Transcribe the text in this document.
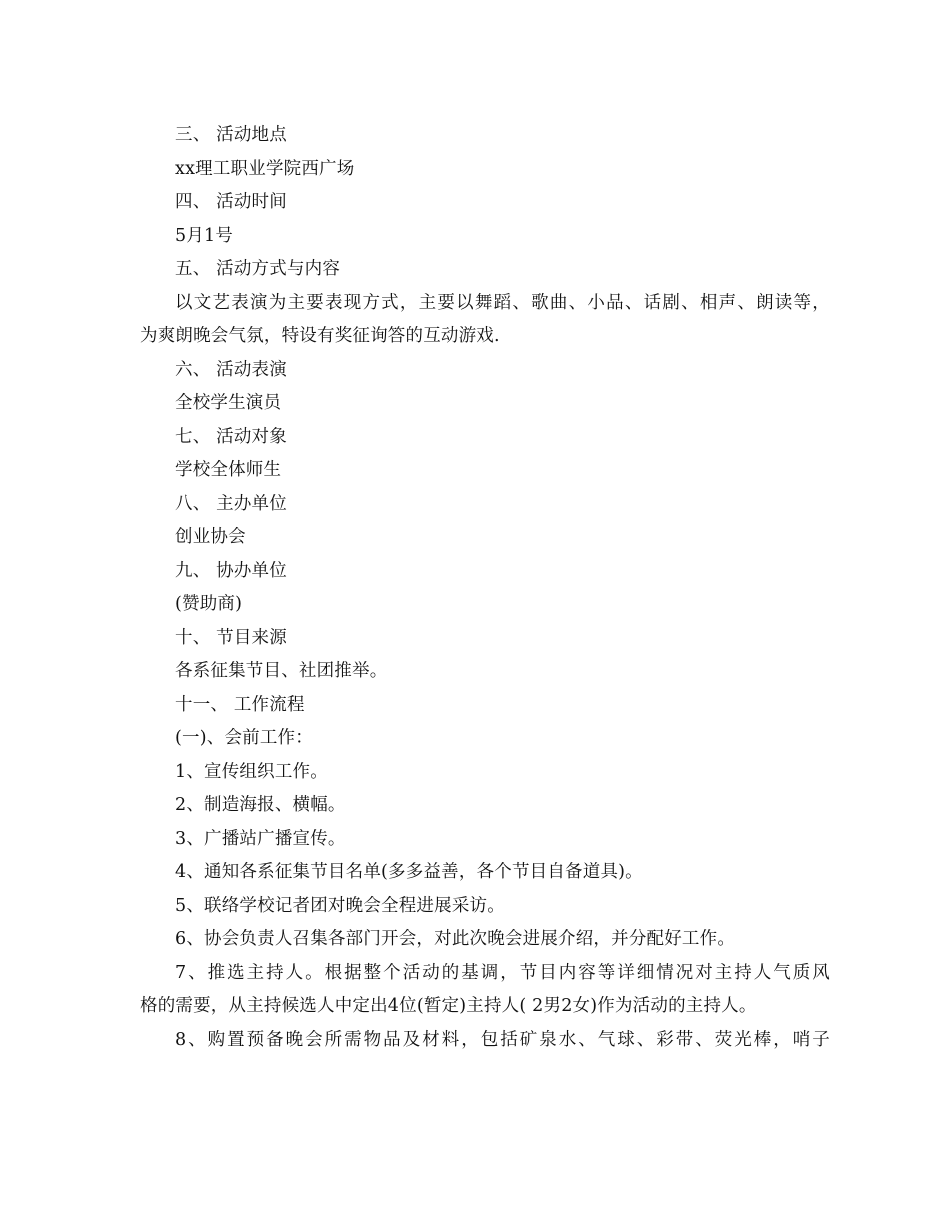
三、 活动地点
xx理工职业学院西广场
四、 活动时间
5月1号
五、 活动方式与内容
以文艺表演为主要表现方式，主要以舞蹈、歌曲、小品、话剧、相声、朗读等，
为爽朗晚会气氛，特设有奖征询答的互动游戏.
六、 活动表演
全校学生演员
七、 活动对象
学校全体师生
八、 主办单位
创业协会
九、 协办单位
(赞助商)
十、 节目来源
各系征集节目、社团推举。
十一、 工作流程
(一)、会前工作：
1、宣传组织工作。
2、制造海报、横幅。
3、广播站广播宣传。
4、通知各系征集节目名单(多多益善，各个节目自备道具)。
5、联络学校记者团对晚会全程进展采访。
6、协会负责人召集各部门开会，对此次晚会进展介绍，并分配好工作。
7、推选主持人。根据整个活动的基调，节目内容等详细情况对主持人气质风
格的需要，从主持候选人中定出4位(暂定)主持人( 2男2女)作为活动的主持人。
8、购置预备晚会所需物品及材料，包括矿泉水、气球、彩带、荧光棒，哨子
